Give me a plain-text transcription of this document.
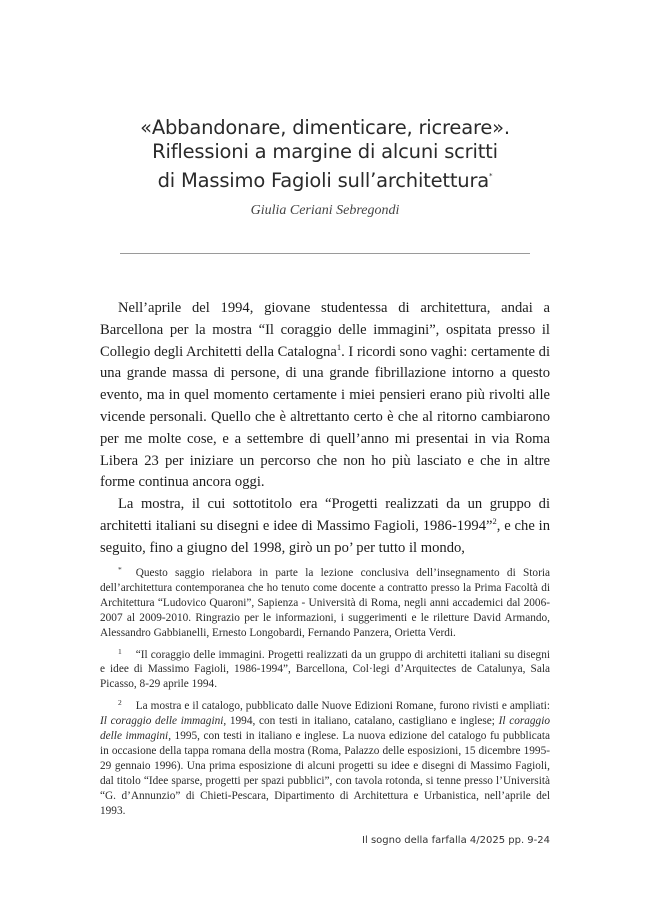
«Abbandonare, dimenticare, ricreare».
Riflessioni a margine di alcuni scritti
di Massimo Fagioli sull’architettura*
Giulia Ceriani Sebregondi

Nell’aprile del 1994, giovane studentessa di architettura, andai a Barcellona per la mostra “Il coraggio delle immagini”, ospitata presso il Collegio degli Architetti della Catalogna$^1$. I ricordi sono vaghi: certamente di una grande massa di persone, di una grande fibrillazione intorno a questo evento, ma in quel momento certamente i miei pensieri erano più rivolti alle vicende personali. Quello che è altrettanto certo è che al ritorno cambiarono per me molte cose, e a settembre di quell’anno mi presentai in via Roma Libera 23 per iniziare un percorso che non ho più lasciato e che in altre forme continua ancora oggi.

La mostra, il cui sottotitolo era “Progetti realizzati da un gruppo di architetti italiani su disegni e idee di Massimo Fagioli, 1986-1994”$^2$, e che in seguito, fino a giugno del 1998, girò un po’ per tutto il mondo,

* Questo saggio rielabora in parte la lezione conclusiva dell’insegnamento di Storia dell’architettura contemporanea che ho tenuto come docente a contratto presso la Prima Facoltà di Architettura “Ludovico Quaroni”, Sapienza - Università di Roma, negli anni accademici dal 2006-2007 al 2009-2010. Ringrazio per le informazioni, i suggerimenti e le riletture David Armando, Alessandro Gabbianelli, Ernesto Longobardi, Fernando Panzera, Orietta Verdi.

$^1$ “Il coraggio delle immagini. Progetti realizzati da un gruppo di architetti italiani su disegni e idee di Massimo Fagioli, 1986-1994”, Barcellona, Col·legi d’Arquitectes de Catalunya, Sala Picasso, 8-29 aprile 1994.

$^2$ La mostra e il catalogo, pubblicato dalle Nuove Edizioni Romane, furono rivisti e ampliati: Il coraggio delle immagini, 1994, con testi in italiano, catalano, castigliano e inglese; Il coraggio delle immagini, 1995, con testi in italiano e inglese. La nuova edizione del catalogo fu pubblicata in occasione della tappa romana della mostra (Roma, Palazzo delle esposizioni, 15 dicembre 1995-29 gennaio 1996). Una prima esposizione di alcuni progetti su idee e disegni di Massimo Fagioli, dal titolo “Idee sparse, progetti per spazi pubblici”, con tavola rotonda, si tenne presso l’Università “G. d’Annunzio” di Chieti-Pescara, Dipartimento di Architettura e Urbanistica, nell’aprile del 1993.

Il sogno della farfalla 4/2025 pp. 9-24
